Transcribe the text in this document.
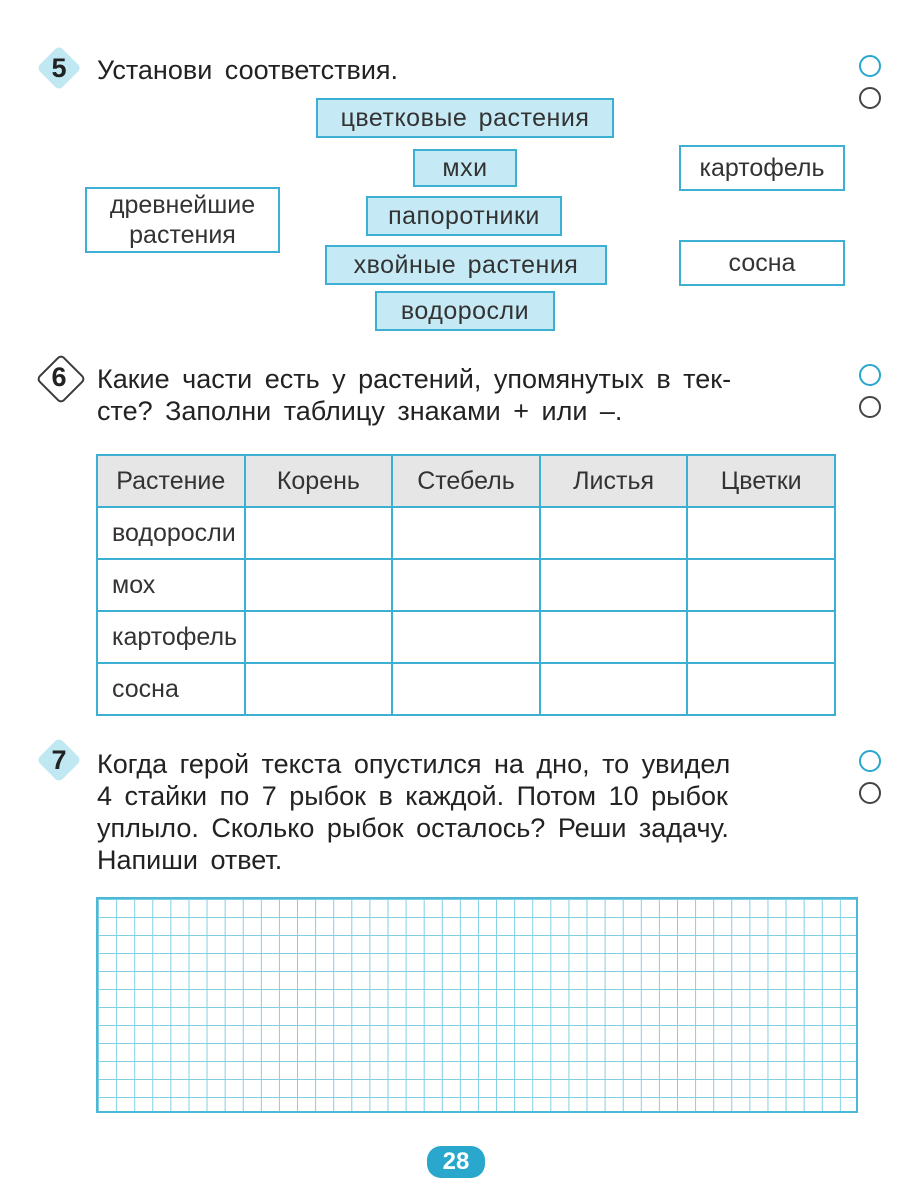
5 Установи соответствия.
цветковые растения
мхи
папоротники
хвойные растения
водоросли
древнейшие растения
картофель
сосна
6 Какие части есть у растений, упомянутых в тек-
сте? Заполни таблицу знаками + или –.
Растение	Корень	Стебель	Листья	Цветки
водоросли				
мох				
картофель				
сосна				
7 Когда герой текста опустился на дно, то увидел
4 стайки по 7 рыбок в каждой. Потом 10 рыбок
уплыло. Сколько рыбок осталось? Реши задачу.
Напиши ответ.
28
